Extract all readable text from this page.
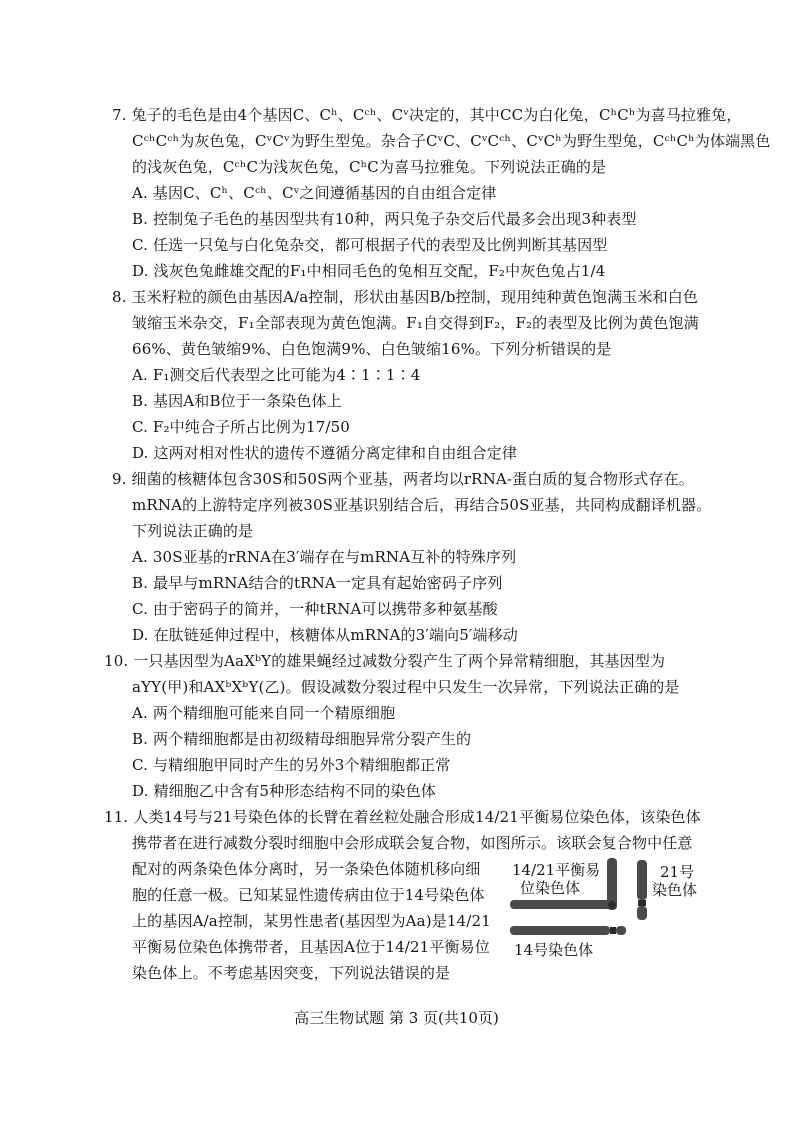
7. 兔子的毛色是由4个基因C、Cʰ、Cᶜʰ、Cᵛ决定的，其中CC为白化兔，CʰCʰ为喜马拉雅兔，
CᶜʰCᶜʰ为灰色兔，CᵛCᵛ为野生型兔。杂合子CᵛC、CᵛCᶜʰ、CᵛCʰ为野生型兔，CᶜʰCʰ为体端黑色
的浅灰色兔，CᶜʰC为浅灰色兔，CʰC为喜马拉雅兔。下列说法正确的是
A. 基因C、Cʰ、Cᶜʰ、Cᵛ之间遵循基因的自由组合定律
B. 控制兔子毛色的基因型共有10种，两只兔子杂交后代最多会出现3种表型
C. 任选一只兔与白化兔杂交，都可根据子代的表型及比例判断其基因型
D. 浅灰色兔雌雄交配的F₁中相同毛色的兔相互交配，F₂中灰色兔占1/4
8. 玉米籽粒的颜色由基因A/a控制，形状由基因B/b控制，现用纯种黄色饱满玉米和白色
皱缩玉米杂交，F₁全部表现为黄色饱满。F₁自交得到F₂，F₂的表型及比例为黄色饱满
66%、黄色皱缩9%、白色饱满9%、白色皱缩16%。下列分析错误的是
A. F₁测交后代表型之比可能为4∶1∶1∶4
B. 基因A和B位于一条染色体上
C. F₂中纯合子所占比例为17/50
D. 这两对相对性状的遗传不遵循分离定律和自由组合定律
9. 细菌的核糖体包含30S和50S两个亚基，两者均以rRNA-蛋白质的复合物形式存在。
mRNA的上游特定序列被30S亚基识别结合后，再结合50S亚基，共同构成翻译机器。
下列说法正确的是
A. 30S亚基的rRNA在3′端存在与mRNA互补的特殊序列
B. 最早与mRNA结合的tRNA一定具有起始密码子序列
C. 由于密码子的简并，一种tRNA可以携带多种氨基酸
D. 在肽链延伸过程中，核糖体从mRNA的3′端向5′端移动
10. 一只基因型为AaXᵇY的雄果蝇经过减数分裂产生了两个异常精细胞，其基因型为
aYY(甲)和AXᵇXᵇY(乙)。假设减数分裂过程中只发生一次异常，下列说法正确的是
A. 两个精细胞可能来自同一个精原细胞
B. 两个精细胞都是由初级精母细胞异常分裂产生的
C. 与精细胞甲同时产生的另外3个精细胞都正常
D. 精细胞乙中含有5种形态结构不同的染色体
11. 人类14号与21号染色体的长臂在着丝粒处融合形成14/21平衡易位染色体，该染色体
携带者在进行减数分裂时细胞中会形成联会复合物，如图所示。该联会复合物中任意
配对的两条染色体分离时，另一条染色体随机移向细
胞的任意一极。已知某显性遗传病由位于14号染色体
上的基因A/a控制，某男性患者(基因型为Aa)是14/21
平衡易位染色体携带者，且基因A位于14/21平衡易位
染色体上。不考虑基因突变，下列说法错误的是
14/21平衡易
位染色体
21号
染色体
14号染色体
高三生物试题 第 3 页(共10页)
